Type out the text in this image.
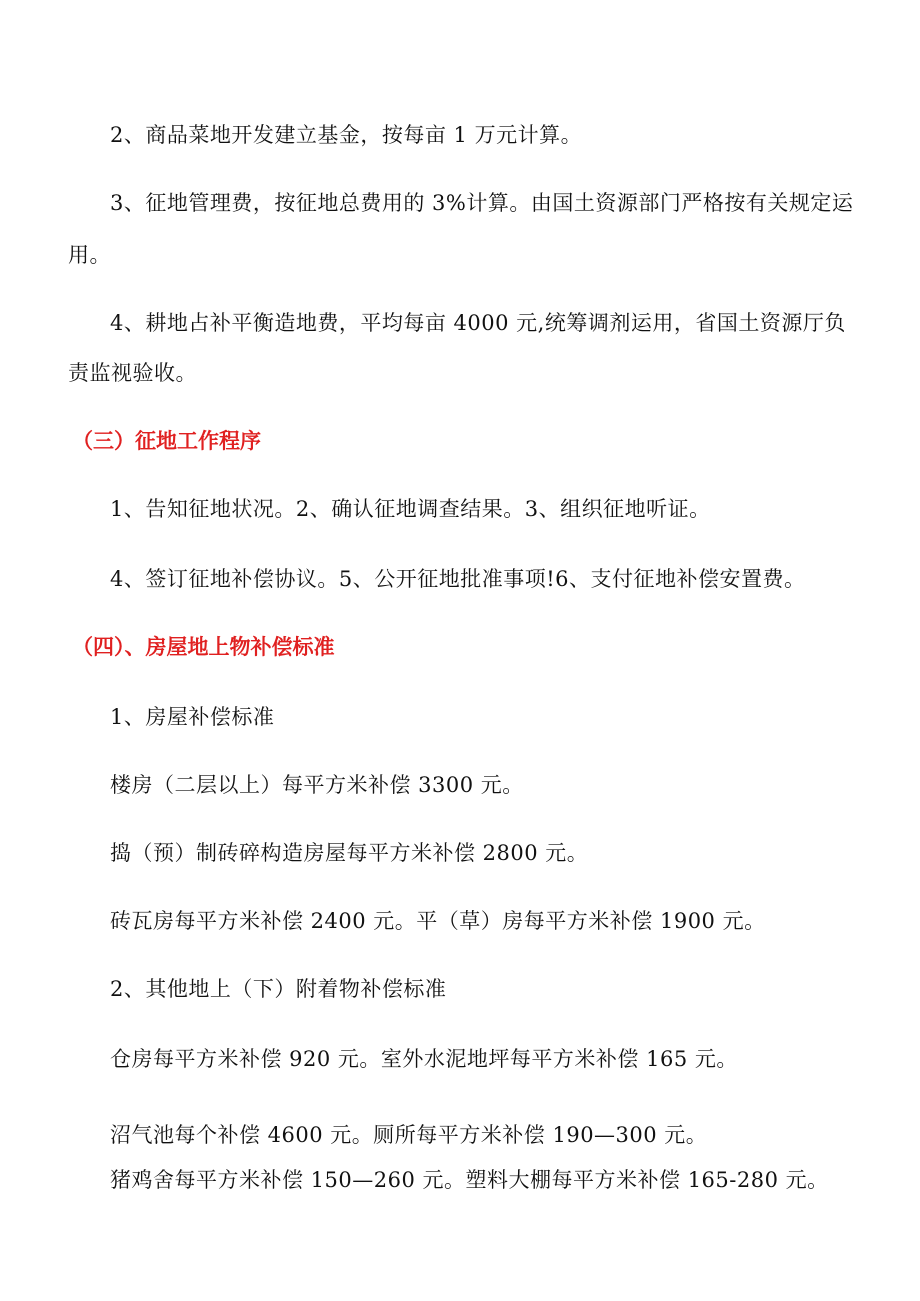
2、商品菜地开发建立基金，按每亩 1 万元计算。
3、征地管理费，按征地总费用的 3%计算。由国土资源部门严格按有关规定运
用。
4、耕地占补平衡造地费，平均每亩 4000 元,统筹调剂运用，省国土资源厅负
责监视验收。
（三）征地工作程序
1、告知征地状况。2、确认征地调查结果。3、组织征地听证。
4、签订征地补偿协议。5、公开征地批准事项!6、支付征地补偿安置费。
（四）、房屋地上物补偿标准
1、房屋补偿标准
楼房（二层以上）每平方米补偿 3300 元。
捣（预）制砖碎构造房屋每平方米补偿 2800 元。
砖瓦房每平方米补偿 2400 元。平（草）房每平方米补偿 1900 元。
2、其他地上（下）附着物补偿标准
仓房每平方米补偿 920 元。室外水泥地坪每平方米补偿 165 元。
沼气池每个补偿 4600 元。厕所每平方米补偿 190—300 元。
猪鸡舍每平方米补偿 150—260 元。塑料大棚每平方米补偿 165-280 元。
